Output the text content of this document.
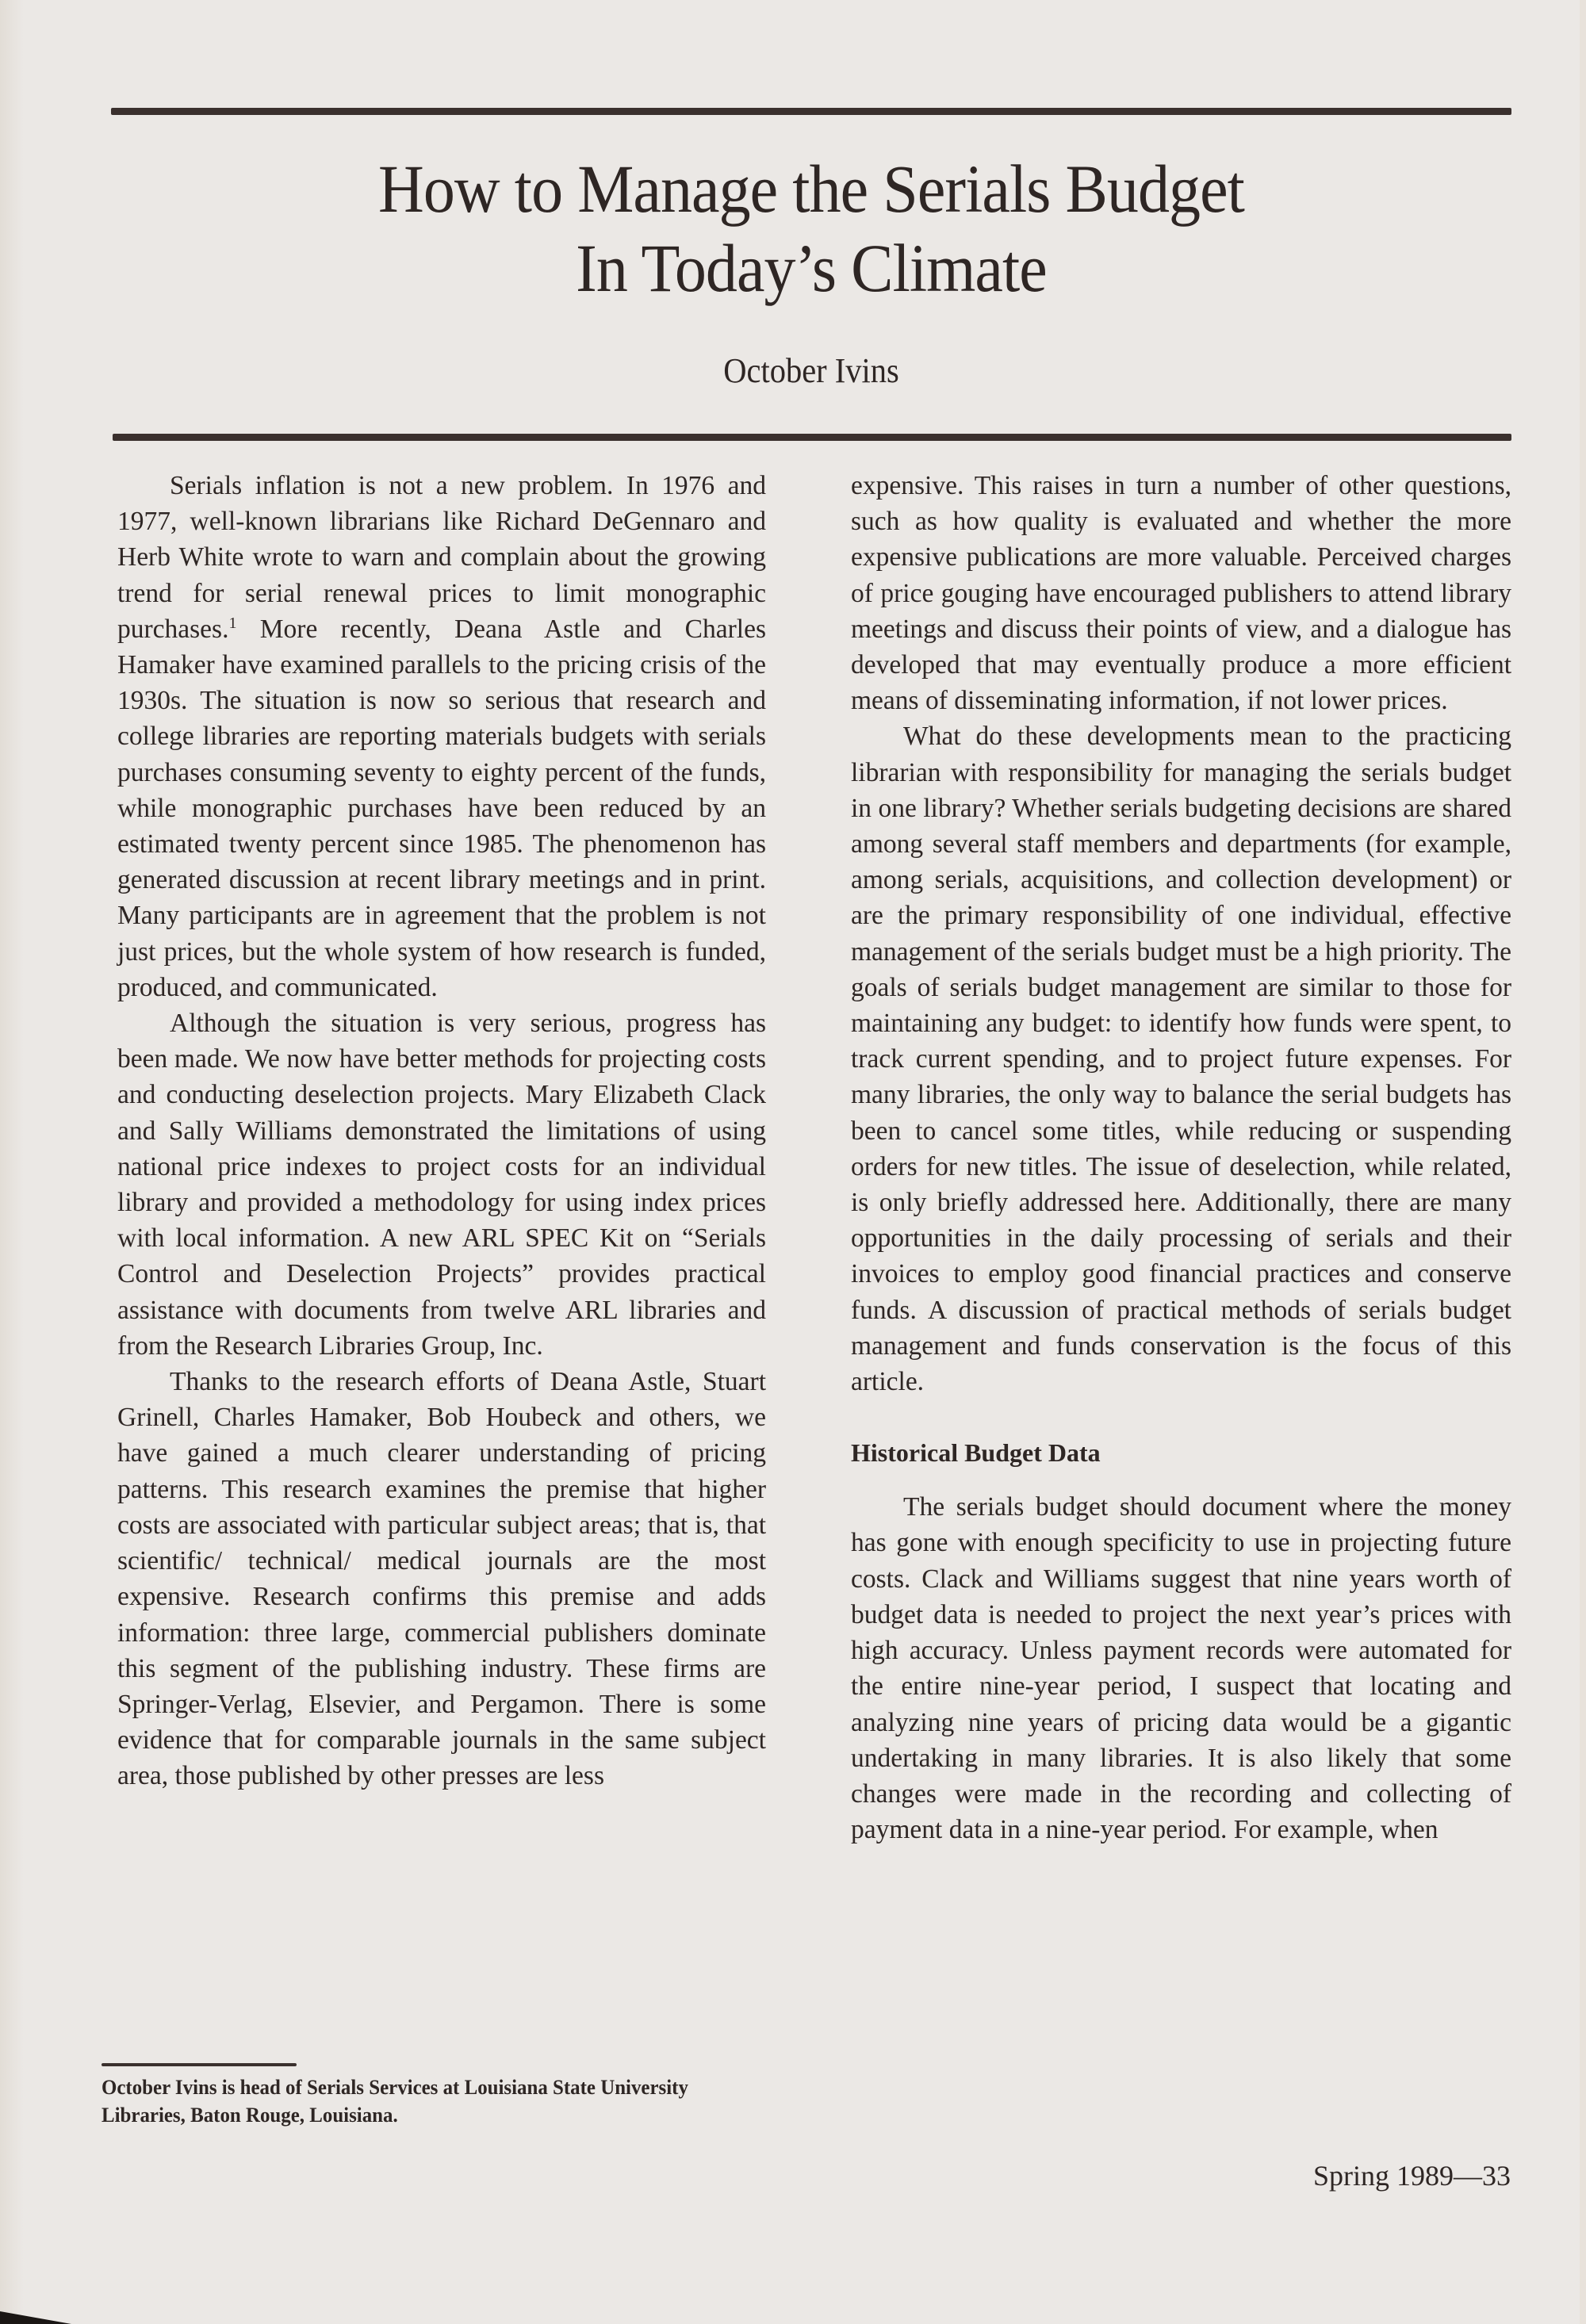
How to Manage the Serials Budget
In Today’s Climate
October Ivins

Serials inflation is not a new problem. In 1976 and 1977, well-known librarians like Richard DeGennaro and Herb White wrote to warn and complain about the growing trend for serial renewal prices to limit monographic purchases.$^1$ More recently, Deana Astle and Charles Hamaker have examined parallels to the pricing crisis of the 1930s. The situation is now so serious that research and college libraries are reporting materials budgets with serials purchases consuming seventy to eighty percent of the funds, while monographic purchases have been reduced by an estimated twenty percent since 1985. The phenomenon has generated discussion at recent library meetings and in print. Many participants are in agreement that the problem is not just prices, but the whole system of how research is funded, produced, and communicated.

Although the situation is very serious, progress has been made. We now have better methods for projecting costs and conducting deselection projects. Mary Elizabeth Clack and Sally Williams demonstrated the limitations of using national price indexes to project costs for an individual library and provided a methodology for using index prices with local information. A new ARL SPEC Kit on “Serials Control and Deselection Projects” provides practical assistance with documents from twelve ARL libraries and from the Research Libraries Group, Inc.

Thanks to the research efforts of Deana Astle, Stuart Grinell, Charles Hamaker, Bob Houbeck and others, we have gained a much clearer understanding of pricing patterns. This research examines the premise that higher costs are associated with particular subject areas; that is, that scientific/ technical/ medical journals are the most expensive. Research confirms this premise and adds information: three large, commercial publishers dominate this segment of the publishing industry. These firms are Springer-Verlag, Elsevier, and Pergamon. There is some evidence that for comparable journals in the same subject area, those published by other presses are less

expensive. This raises in turn a number of other questions, such as how quality is evaluated and whether the more expensive publications are more valuable. Perceived charges of price gouging have encouraged publishers to attend library meetings and discuss their points of view, and a dialogue has developed that may eventually produce a more efficient means of disseminating information, if not lower prices.

What do these developments mean to the practicing librarian with responsibility for managing the serials budget in one library? Whether serials budgeting decisions are shared among several staff members and departments (for example, among serials, acquisitions, and collection development) or are the primary responsibility of one individual, effective management of the serials budget must be a high priority. The goals of serials budget management are similar to those for maintaining any budget: to identify how funds were spent, to track current spending, and to project future expenses. For many libraries, the only way to balance the serial budgets has been to cancel some titles, while reducing or suspending orders for new titles. The issue of deselection, while related, is only briefly addressed here. Additionally, there are many opportunities in the daily processing of serials and their invoices to employ good financial practices and conserve funds. A discussion of practical methods of serials budget management and funds conservation is the focus of this article.

Historical Budget Data

The serials budget should document where the money has gone with enough specificity to use in projecting future costs. Clack and Williams suggest that nine years worth of budget data is needed to project the next year’s prices with high accuracy. Unless payment records were automated for the entire nine-year period, I suspect that locating and analyzing nine years of pricing data would be a gigantic undertaking in many libraries. It is also likely that some changes were made in the recording and collecting of payment data in a nine-year period. For example, when

October Ivins is head of Serials Services at Louisiana State University Libraries, Baton Rouge, Louisiana.
Spring 1989—33
